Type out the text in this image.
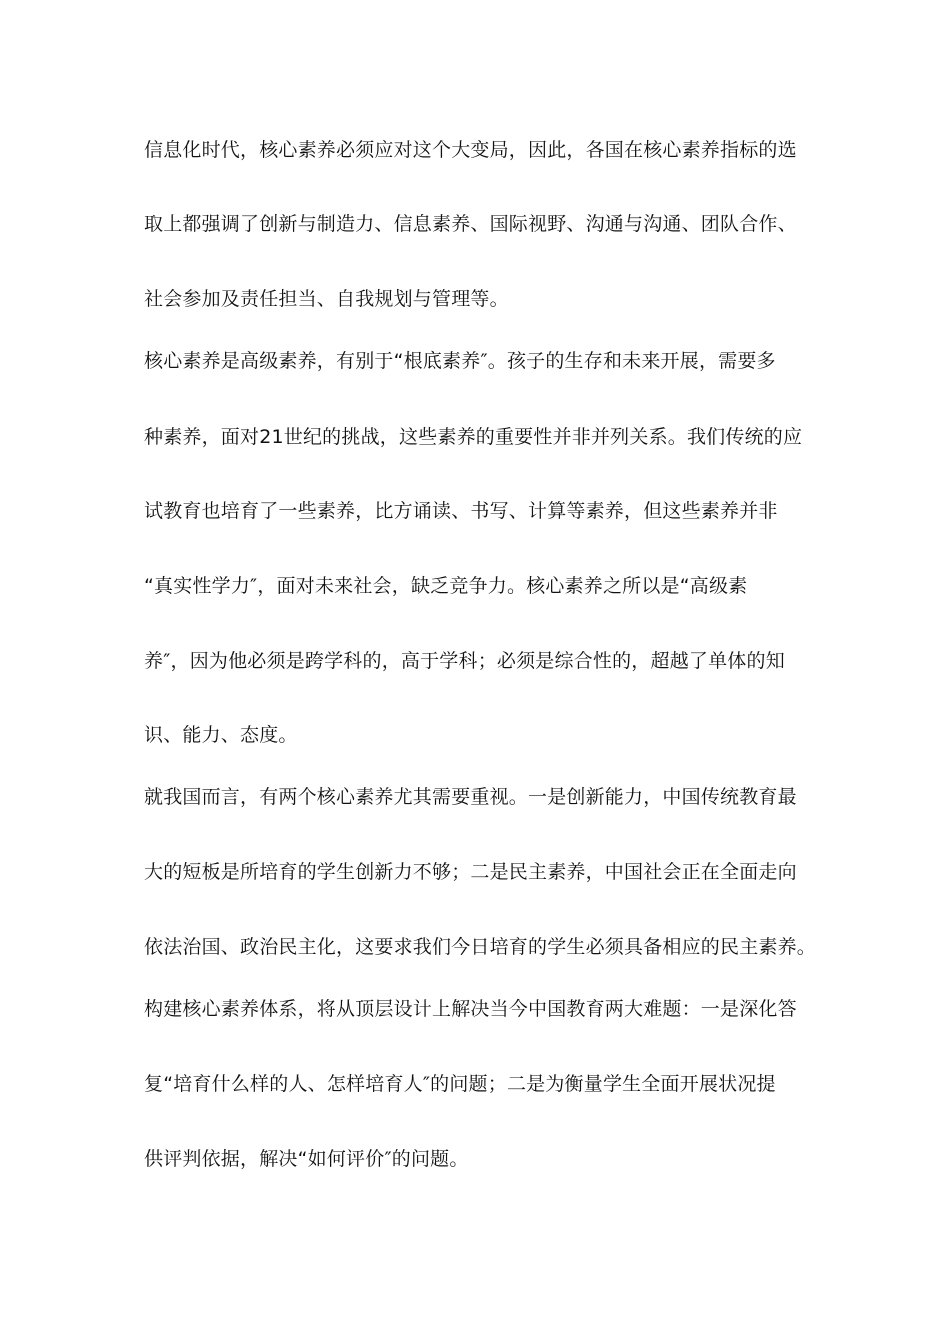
信息化时代，核心素养必须应对这个大变局，因此，各国在核心素养指标的选
取上都强调了创新与制造力、信息素养、国际视野、沟通与沟通、团队合作、
社会参加及责任担当、自我规划与管理等。
核心素养是高级素养，有别于“根底素养″。孩子的生存和未来开展，需要多
种素养，面对21世纪的挑战，这些素养的重要性并非并列关系。我们传统的应
试教育也培育了一些素养，比方诵读、书写、计算等素养，但这些素养并非
“真实性学力″，面对未来社会，缺乏竞争力。核心素养之所以是“高级素
养″，因为他必须是跨学科的，高于学科；必须是综合性的，超越了单体的知
识、能力、态度。
就我国而言，有两个核心素养尤其需要重视。一是创新能力，中国传统教育最
大的短板是所培育的学生创新力不够；二是民主素养，中国社会正在全面走向
依法治国、政治民主化，这要求我们今日培育的学生必须具备相应的民主素养。
构建核心素养体系，将从顶层设计上解决当今中国教育两大难题：一是深化答
复“培育什么样的人、怎样培育人″的问题；二是为衡量学生全面开展状况提
供评判依据，解决“如何评价″的问题。
